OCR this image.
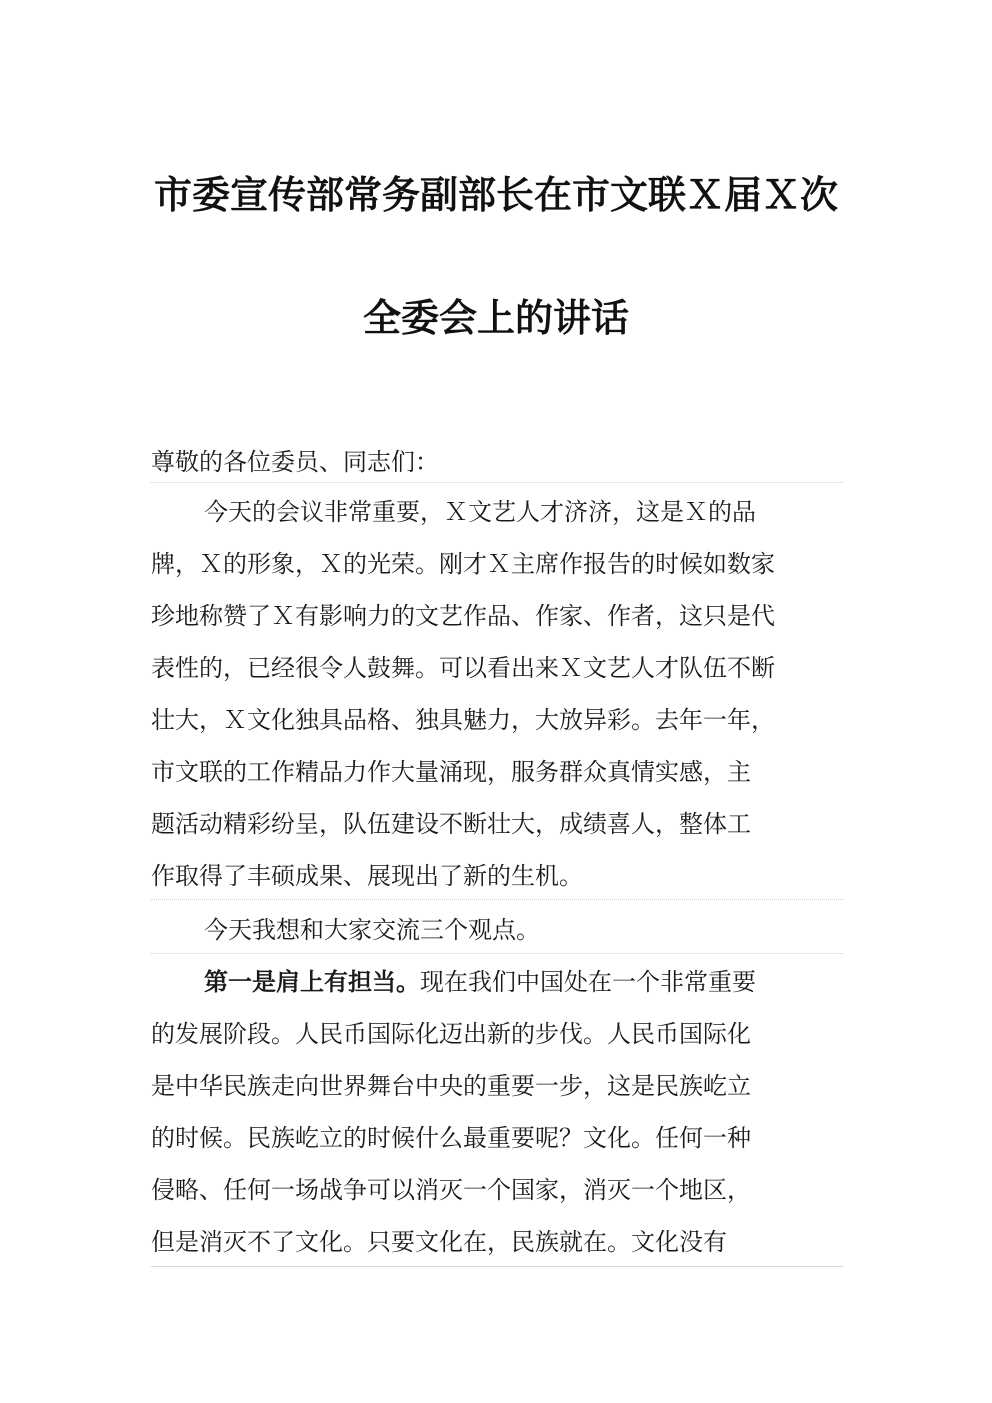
市委宣传部常务副部长在市文联Ｘ届Ｘ次
全委会上的讲话
尊敬的各位委员、同志们：
今天的会议非常重要，Ｘ文艺人才济济，这是Ｘ的品
牌，Ｘ的形象，Ｘ的光荣。刚才Ｘ主席作报告的时候如数家
珍地称赞了Ｘ有影响力的文艺作品、作家、作者，这只是代
表性的，已经很令人鼓舞。可以看出来Ｘ文艺人才队伍不断
壮大，Ｘ文化独具品格、独具魅力，大放异彩。去年一年，
市文联的工作精品力作大量涌现，服务群众真情实感，主
题活动精彩纷呈，队伍建设不断壮大，成绩喜人，整体工
作取得了丰硕成果、展现出了新的生机。
今天我想和大家交流三个观点。
第一是肩上有担当。现在我们中国处在一个非常重要
的发展阶段。人民币国际化迈出新的步伐。人民币国际化
是中华民族走向世界舞台中央的重要一步，这是民族屹立
的时候。民族屹立的时候什么最重要呢？文化。任何一种
侵略、任何一场战争可以消灭一个国家，消灭一个地区，
但是消灭不了文化。只要文化在，民族就在。文化没有
